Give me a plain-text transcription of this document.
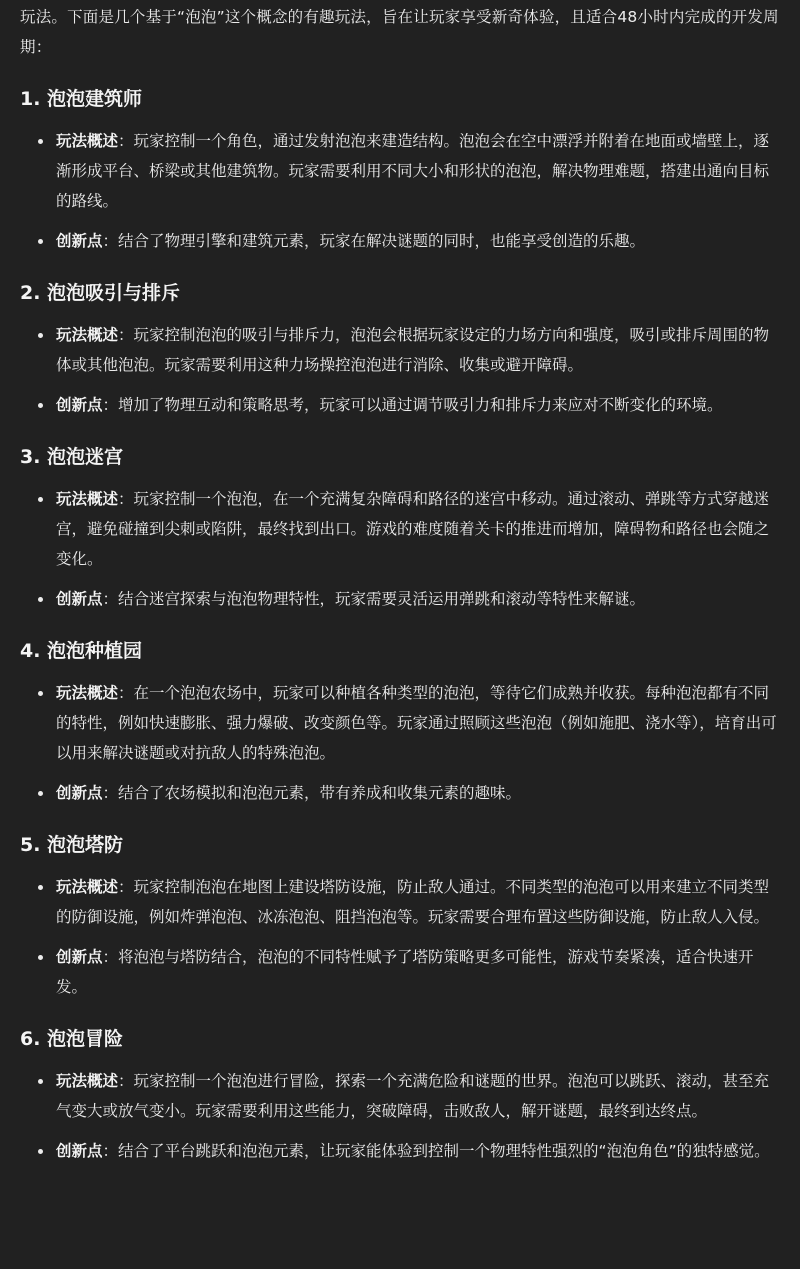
玩法。下面是几个基于“泡泡”这个概念的有趣玩法，旨在让玩家享受新奇体验，且适合48小时内完成的开发周期：

1. 泡泡建筑师
玩法概述：玩家控制一个角色，通过发射泡泡来建造结构。泡泡会在空中漂浮并附着在地面或墙壁上，逐渐形成平台、桥梁或其他建筑物。玩家需要利用不同大小和形状的泡泡，解决物理难题，搭建出通向目标的路线。
创新点：结合了物理引擎和建筑元素，玩家在解决谜题的同时，也能享受创造的乐趣。
2. 泡泡吸引与排斥
玩法概述：玩家控制泡泡的吸引与排斥力，泡泡会根据玩家设定的力场方向和强度，吸引或排斥周围的物体或其他泡泡。玩家需要利用这种力场操控泡泡进行消除、收集或避开障碍。
创新点：增加了物理互动和策略思考，玩家可以通过调节吸引力和排斥力来应对不断变化的环境。
3. 泡泡迷宫
玩法概述：玩家控制一个泡泡，在一个充满复杂障碍和路径的迷宫中移动。通过滚动、弹跳等方式穿越迷宫，避免碰撞到尖刺或陷阱，最终找到出口。游戏的难度随着关卡的推进而增加，障碍物和路径也会随之变化。
创新点：结合迷宫探索与泡泡物理特性，玩家需要灵活运用弹跳和滚动等特性来解谜。
4. 泡泡种植园
玩法概述：在一个泡泡农场中，玩家可以种植各种类型的泡泡，等待它们成熟并收获。每种泡泡都有不同的特性，例如快速膨胀、强力爆破、改变颜色等。玩家通过照顾这些泡泡（例如施肥、浇水等），培育出可以用来解决谜题或对抗敌人的特殊泡泡。
创新点：结合了农场模拟和泡泡元素，带有养成和收集元素的趣味。
5. 泡泡塔防
玩法概述：玩家控制泡泡在地图上建设塔防设施，防止敌人通过。不同类型的泡泡可以用来建立不同类型的防御设施，例如炸弹泡泡、冰冻泡泡、阻挡泡泡等。玩家需要合理布置这些防御设施，防止敌人入侵。
创新点：将泡泡与塔防结合，泡泡的不同特性赋予了塔防策略更多可能性，游戏节奏紧凑，适合快速开发。
6. 泡泡冒险
玩法概述：玩家控制一个泡泡进行冒险，探索一个充满危险和谜题的世界。泡泡可以跳跃、滚动，甚至充气变大或放气变小。玩家需要利用这些能力，突破障碍，击败敌人，解开谜题，最终到达终点。
创新点：结合了平台跳跃和泡泡元素，让玩家能体验到控制一个物理特性强烈的“泡泡角色”的独特感觉。
